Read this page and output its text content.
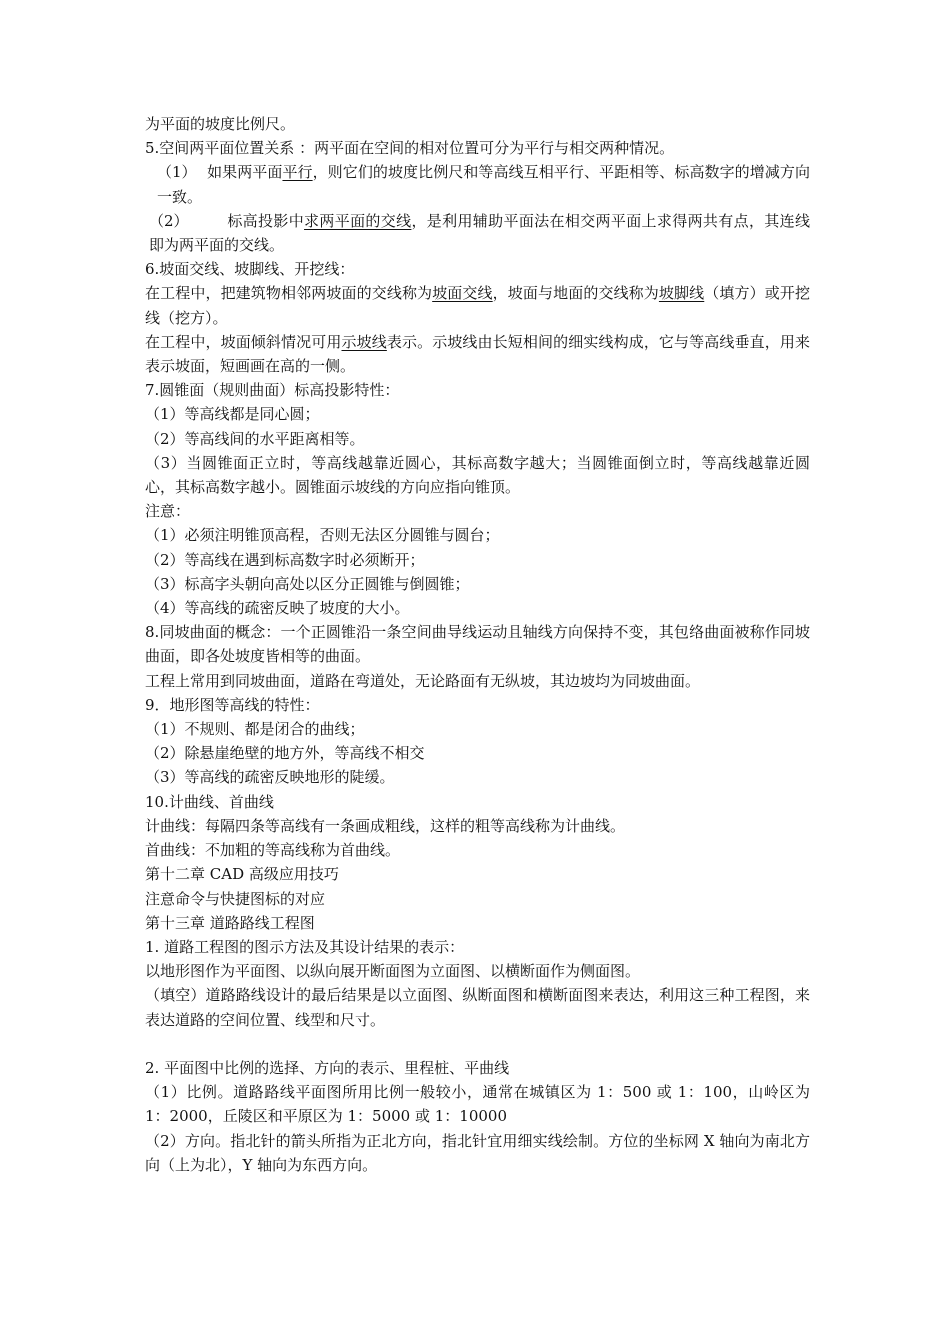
为平面的坡度比例尺。
5.空间两平面位置关系 ：两平面在空间的相对位置可分为平行与相交两种情况。
（1） 如果两平面平行，则它们的坡度比例尺和等高线互相平行、平距相等、标高数字的增减方向一致。
（2）	标高投影中求两平面的交线，是利用辅助平面法在相交两平面上求得两共有点，其连线即为两平面的交线。
6.坡面交线、坡脚线、开挖线：
在工程中，把建筑物相邻两坡面的交线称为坡面交线，坡面与地面的交线称为坡脚线（填方）或开挖线（挖方）。
在工程中，坡面倾斜情况可用示坡线表示。示坡线由长短相间的细实线构成，它与等高线垂直，用来表示坡面，短画画在高的一侧。
7.圆锥面（规则曲面）标高投影特性：
（1）等高线都是同心圆；
（2）等高线间的水平距离相等。
（3）当圆锥面正立时，等高线越靠近圆心，其标高数字越大；当圆锥面倒立时，等高线越靠近圆心，其标高数字越小。圆锥面示坡线的方向应指向锥顶。
注意：
（1）必须注明锥顶高程，否则无法区分圆锥与圆台；
（2）等高线在遇到标高数字时必须断开；
（3）标高字头朝向高处以区分正圆锥与倒圆锥；
（4）等高线的疏密反映了坡度的大小。
8.同坡曲面的概念：一个正圆锥沿一条空间曲导线运动且轴线方向保持不变，其包络曲面被称作同坡曲面，即各处坡度皆相等的曲面。
工程上常用到同坡曲面，道路在弯道处，无论路面有无纵坡，其边坡均为同坡曲面。
9．地形图等高线的特性：
（1）不规则、都是闭合的曲线；
（2）除悬崖绝壁的地方外，等高线不相交
（3）等高线的疏密反映地形的陡缓。
10.计曲线、首曲线
计曲线：每隔四条等高线有一条画成粗线，这样的粗等高线称为计曲线。
首曲线：不加粗的等高线称为首曲线。
第十二章 CAD 高级应用技巧
注意命令与快捷图标的对应
第十三章 道路路线工程图
1. 道路工程图的图示方法及其设计结果的表示：
以地形图作为平面图、以纵向展开断面图为立面图、以横断面作为侧面图。
（填空）道路路线设计的最后结果是以立面图、纵断面图和横断面图来表达，利用这三种工程图，来表达道路的空间位置、线型和尺寸。
2. 平面图中比例的选择、方向的表示、里程桩、平曲线
（1）比例。道路路线平面图所用比例一般较小，通常在城镇区为 1：500 或 1：100，山岭区为 1：2000，丘陵区和平原区为 1：5000 或 1：10000
（2）方向。指北针的箭头所指为正北方向，指北针宜用细实线绘制。方位的坐标网 X 轴向为南北方向（上为北），Y 轴向为东西方向。
